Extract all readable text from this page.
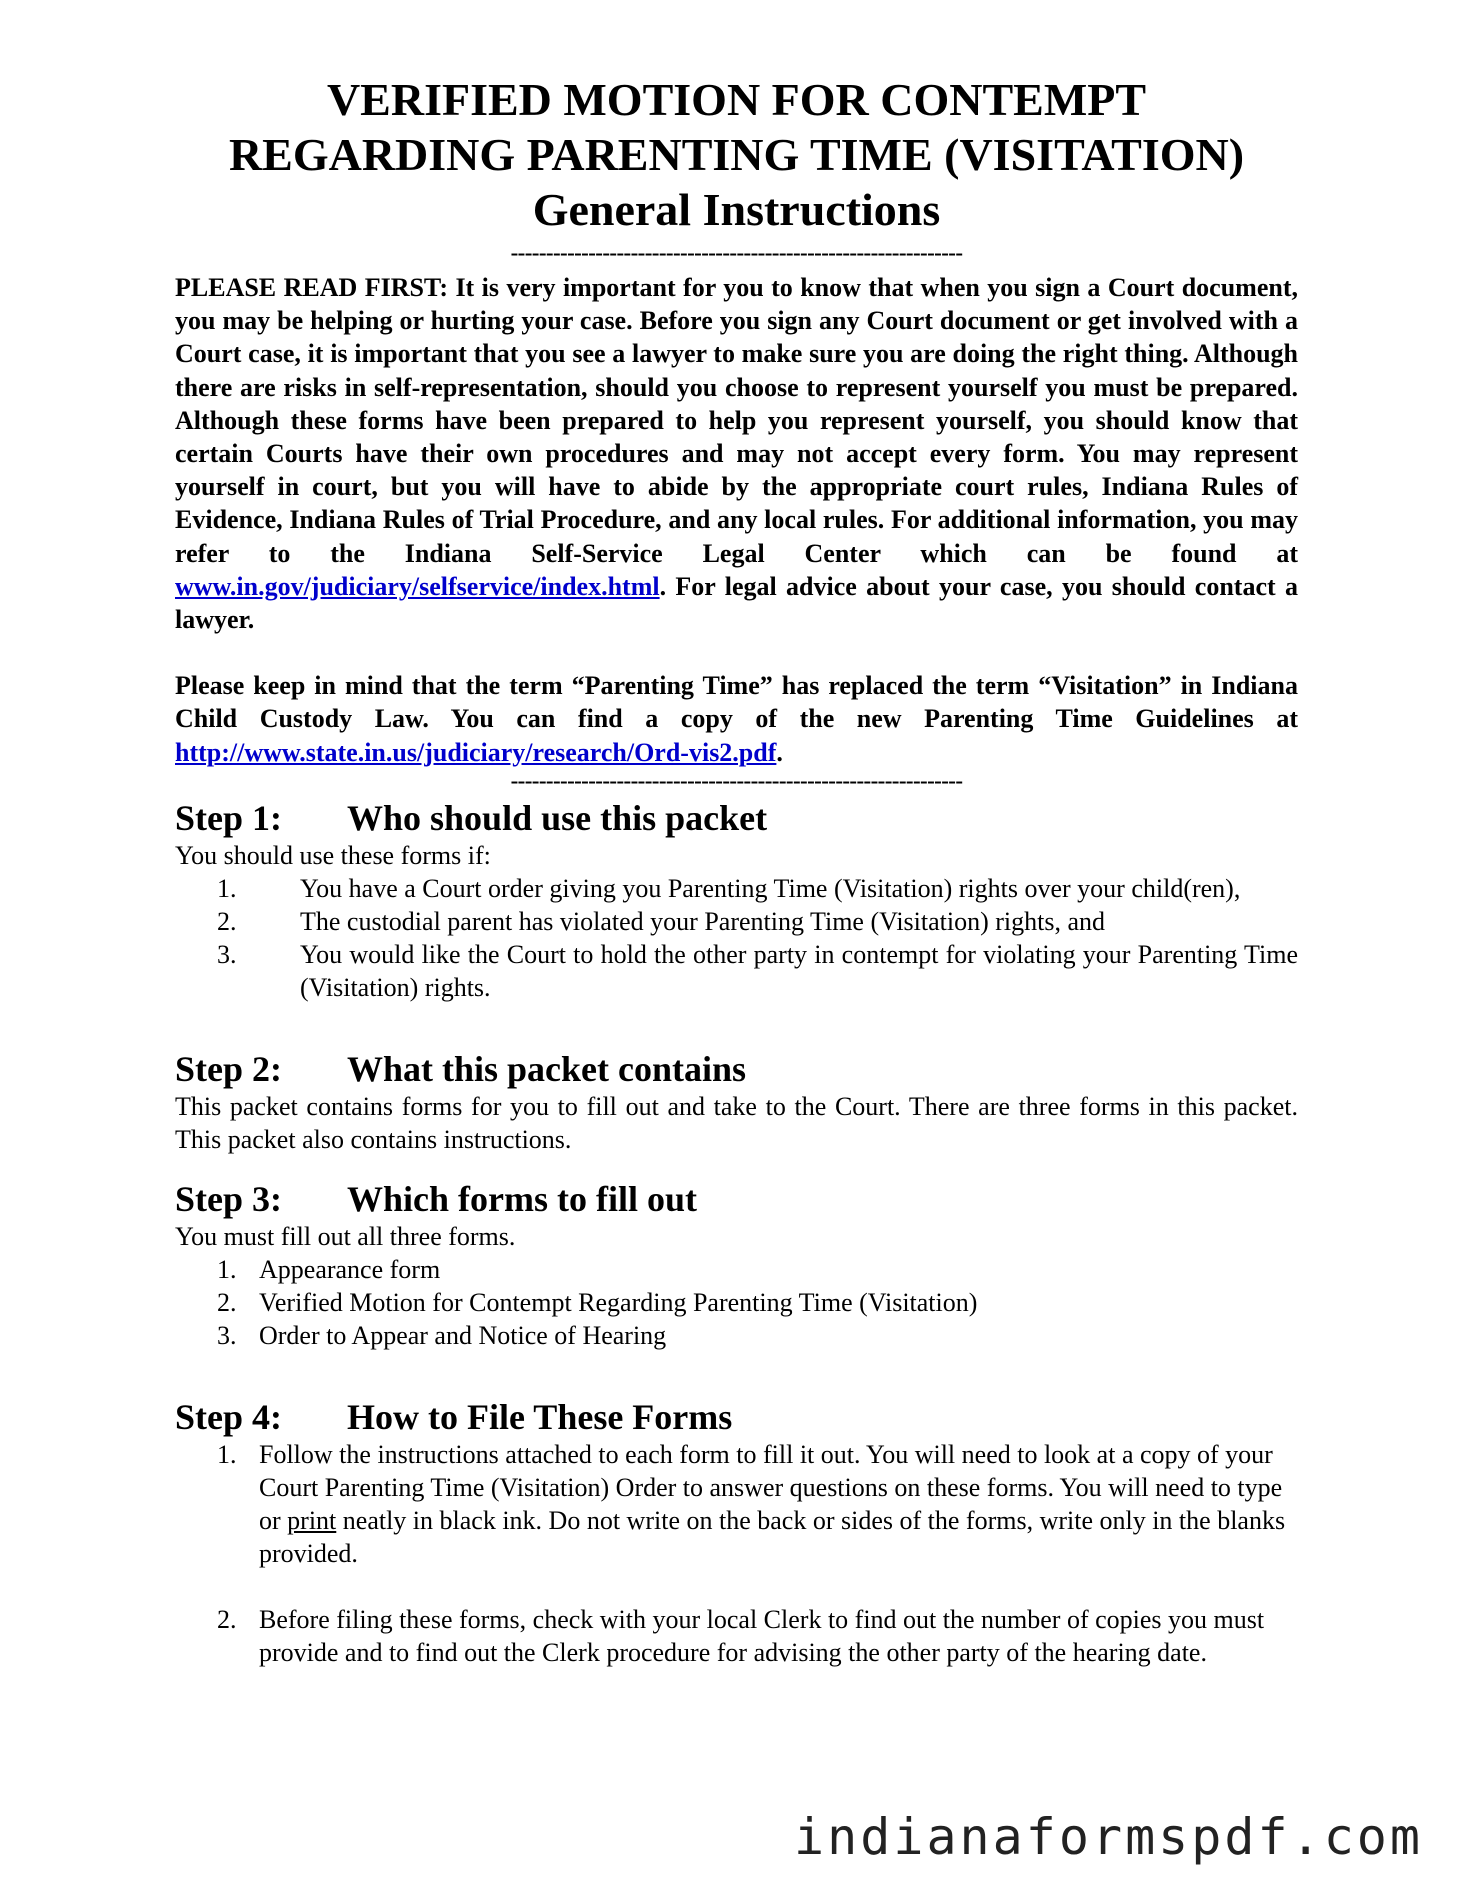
VERIFIED MOTION FOR CONTEMPT

REGARDING PARENTING TIME (VISITATION)

General Instructions

----------------------------------------------------------------

PLEASE READ FIRST: It is very important for you to know that when you sign a Court document, you may be helping or hurting your case. Before you sign any Court document or get involved with a Court case, it is important that you see a lawyer to make sure you are doing the right thing. Although there are risks in self-representation, should you choose to represent yourself you must be prepared. Although these forms have been prepared to help you represent yourself, you should know that certain Courts have their own procedures and may not accept every form. You may represent yourself in court, but you will have to abide by the appropriate court rules, Indiana Rules of Evidence, Indiana Rules of Trial Procedure, and any local rules. For additional information, you may refer to the Indiana Self-Service Legal Center which can be found at www.in.gov/judiciary/selfservice/index.html. For legal advice about your case, you should contact a lawyer.

Please keep in mind that the term “Parenting Time” has replaced the term “Visitation” in Indiana Child Custody Law. You can find a copy of the new Parenting Time Guidelines at http://www.state.in.us/judiciary/research/Ord-vis2.pdf.

----------------------------------------------------------------

Step 1:	Who should use this packet

You should use these forms if:

1.	You have a Court order giving you Parenting Time (Visitation) rights over your child(ren),
2.	The custodial parent has violated your Parenting Time (Visitation) rights, and
3.	You would like the Court to hold the other party in contempt for violating your Parenting Time (Visitation) rights.
Step 2:	What this packet contains

This packet contains forms for you to fill out and take to the Court. There are three forms in this packet. This packet also contains instructions.

Step 3:	Which forms to fill out

You must fill out all three forms.

1. Appearance form
2. Verified Motion for Contempt Regarding Parenting Time (Visitation)
3. Order to Appear and Notice of Hearing
Step 4:	How to File These Forms
1. Follow the instructions attached to each form to fill it out. You will need to look at a copy of your Court Parenting Time (Visitation) Order to answer questions on these forms. You will need to type or print neatly in black ink. Do not write on the back or sides of the forms, write only in the blanks provided.
2. Before filing these forms, check with your local Clerk to find out the number of copies you must provide and to find out the Clerk procedure for advising the other party of the hearing date.
indianaformspdf.com
